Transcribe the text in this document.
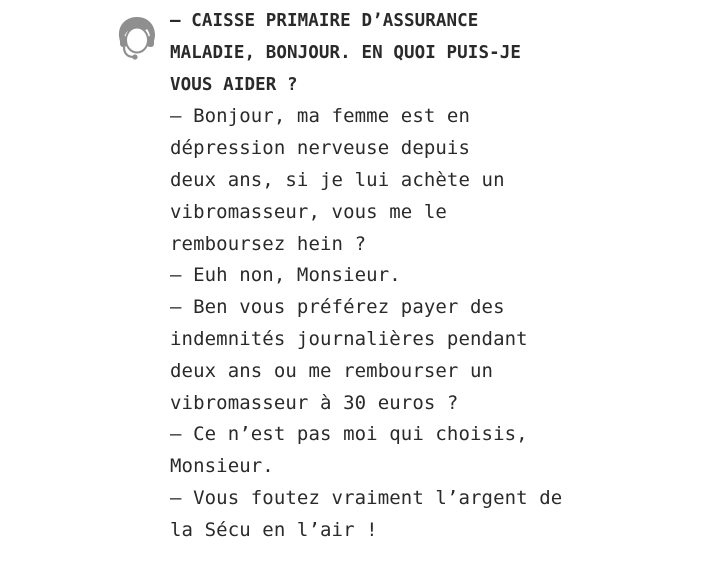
– CAISSE PRIMAIRE D’ASSURANCE
MALADIE, BONJOUR. EN QUOI PUIS-JE
VOUS AIDER ?
– Bonjour, ma femme est en
dépression nerveuse depuis
deux ans, si je lui achète un
vibromasseur, vous me le
remboursez hein ?
– Euh non, Monsieur.
– Ben vous préférez payer des
indemnités journalières pendant
deux ans ou me rembourser un
vibromasseur à 30 euros ?
– Ce n’est pas moi qui choisis,
Monsieur.
– Vous foutez vraiment l’argent de
la Sécu en l’air !
